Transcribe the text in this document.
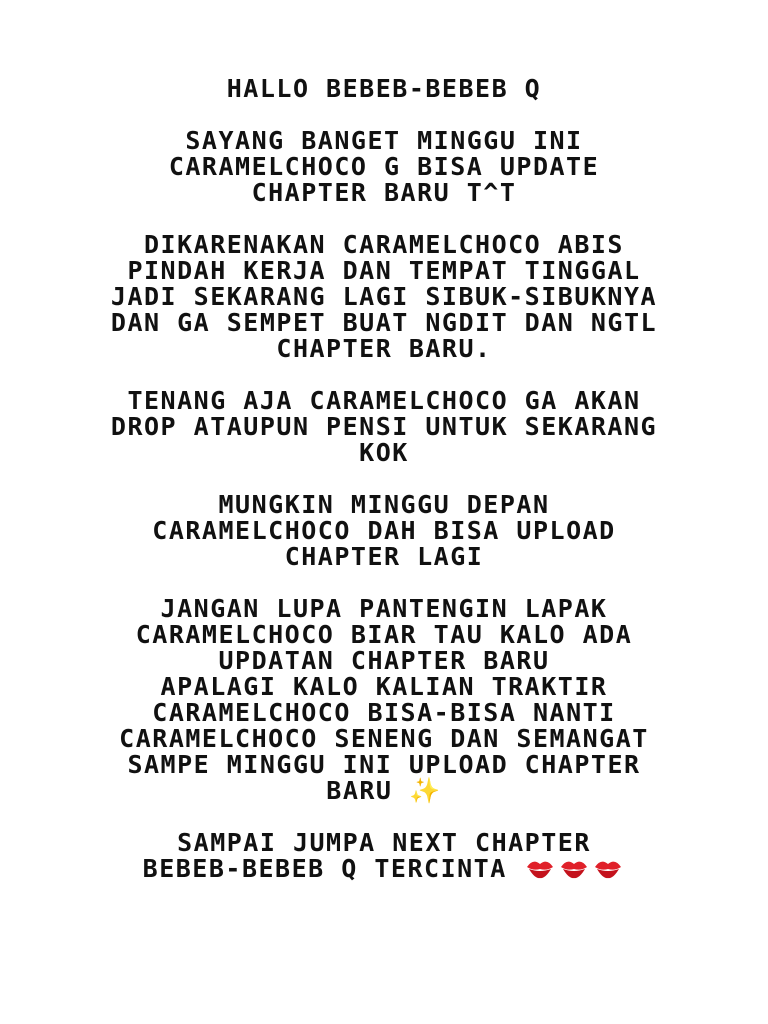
HALLO BEBEB-BEBEB Q
SAYANG BANGET MINGGU INI
CARAMELCHOCO G BISA UPDATE
CHAPTER BARU T^T
DIKARENAKAN CARAMELCHOCO ABIS
PINDAH KERJA DAN TEMPAT TINGGAL
JADI SEKARANG LAGI SIBUK-SIBUKNYA
DAN GA SEMPET BUAT NGDIT DAN NGTL
CHAPTER BARU.
TENANG AJA CARAMELCHOCO GA AKAN
DROP ATAUPUN PENSI UNTUK SEKARANG
KOK
MUNGKIN MINGGU DEPAN
CARAMELCHOCO DAH BISA UPLOAD
CHAPTER LAGI
JANGAN LUPA PANTENGIN LAPAK
CARAMELCHOCO BIAR TAU KALO ADA
UPDATAN CHAPTER BARU
APALAGI KALO KALIAN TRAKTIR
CARAMELCHOCO BISA-BISA NANTI
CARAMELCHOCO SENENG DAN SEMANGAT
SAMPE MINGGU INI UPLOAD CHAPTER
BARU ✨
SAMPAI JUMPA NEXT CHAPTER
BEBEB-BEBEB Q TERCINTA
